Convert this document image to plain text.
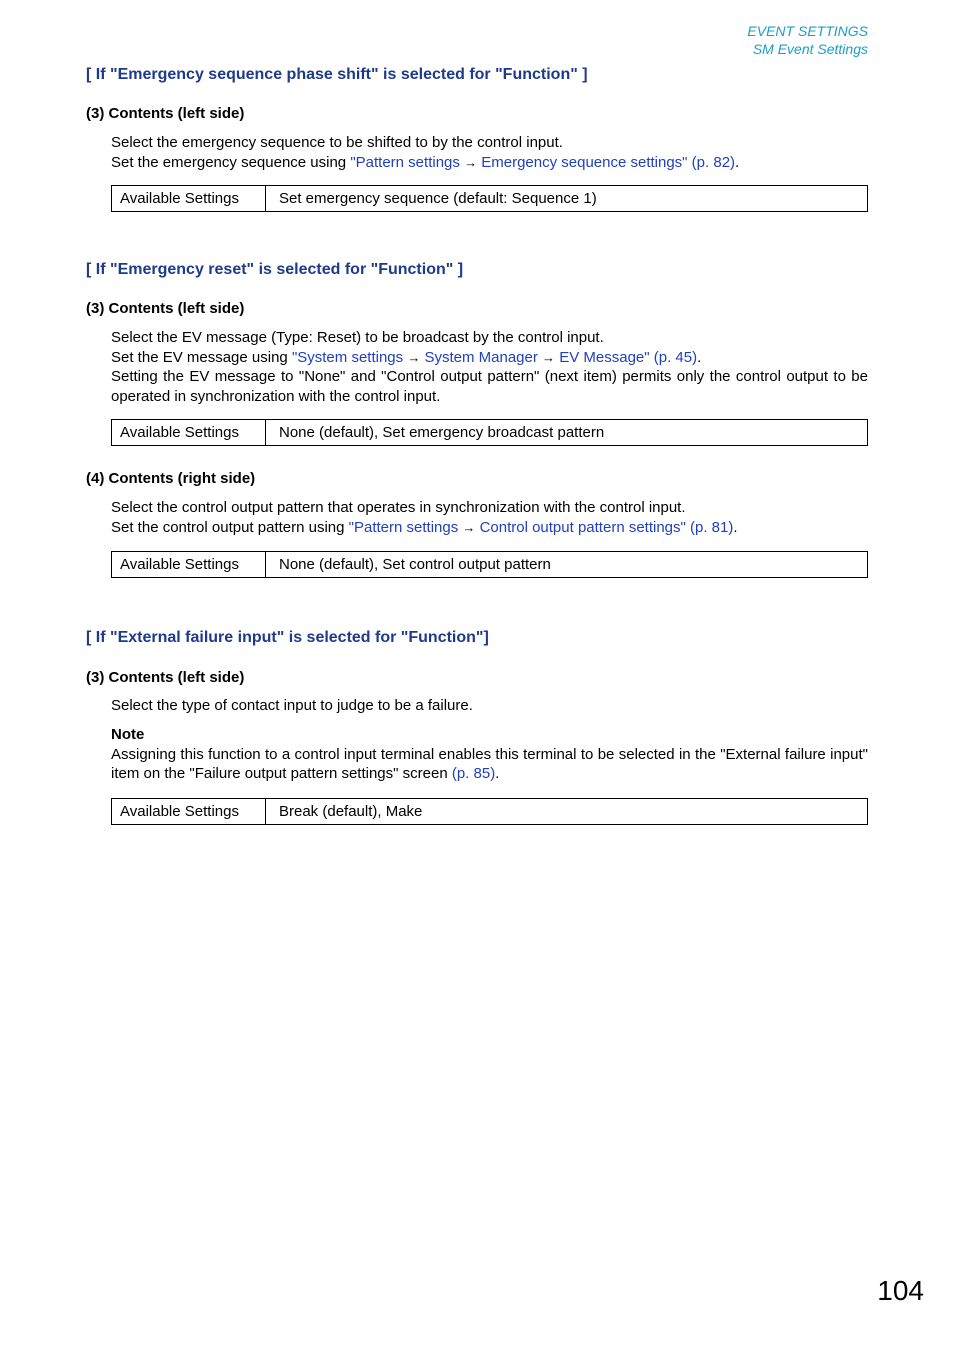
EVENT SETTINGS
SM Event Settings
[ If "Emergency sequence phase shift" is selected for "Function" ]
(3) Contents (left side)

Select the emergency sequence to be shifted to by the control input.

Set the emergency sequence using "Pattern settings → Emergency sequence settings" (p. 82).

Available Settings	Set emergency sequence (default: Sequence 1)
[ If "Emergency reset" is selected for "Function" ]
(3) Contents (left side)

Select the EV message (Type: Reset) to be broadcast by the control input.

Set the EV message using "System settings → System Manager → EV Message" (p. 45).

Setting the EV message to "None" and "Control output pattern" (next item) permits only the control output to be operated in synchronization with the control input.

Available Settings	None (default), Set emergency broadcast pattern
(4) Contents (right side)

Select the control output pattern that operates in synchronization with the control input.

Set the control output pattern using "Pattern settings → Control output pattern settings" (p. 81).

Available Settings	None (default), Set control output pattern
[ If "External failure input" is selected for "Function"]
(3) Contents (left side)

Select the type of contact input to judge to be a failure.

Note

Assigning this function to a control input terminal enables this terminal to be selected in the "External failure input" item on the "Failure output pattern settings" screen (p. 85).

Available Settings	Break (default), Make
104
